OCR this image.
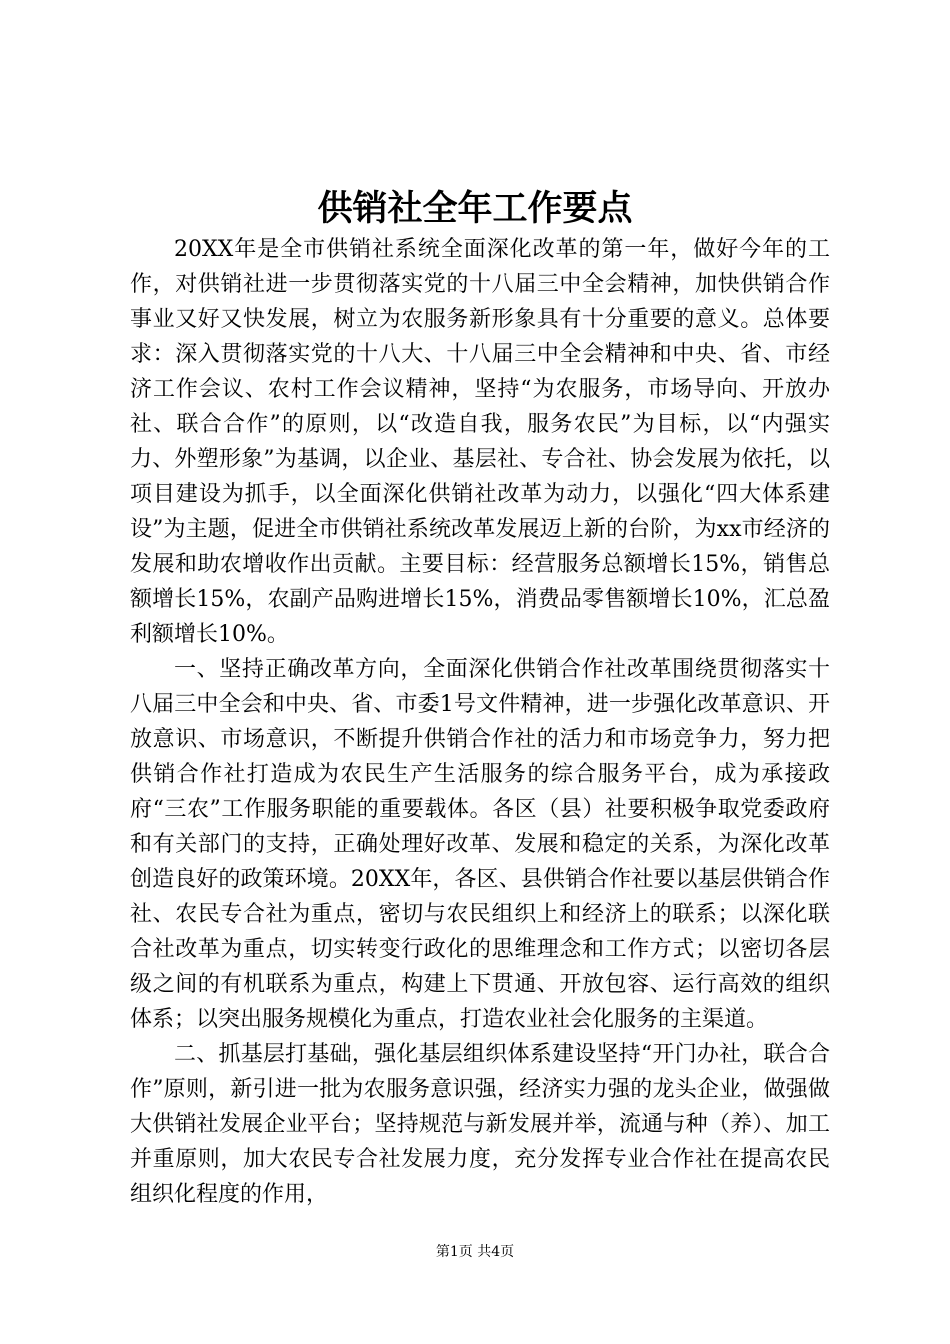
供销社全年工作要点

20XX年是全市供销社系统全面深化改革的第一年，做好今年的工作，对供销社进一步贯彻落实党的十八届三中全会精神，加快供销合作事业又好又快发展，树立为农服务新形象具有十分重要的意义。总体要求：深入贯彻落实党的十八大、十八届三中全会精神和中央、省、市经济工作会议、农村工作会议精神，坚持“为农服务，市场导向、开放办社、联合合作”的原则，以“改造自我，服务农民”为目标，以“内强实力、外塑形象”为基调，以企业、基层社、专合社、协会发展为依托，以项目建设为抓手，以全面深化供销社改革为动力，以强化“四大体系建设”为主题，促进全市供销社系统改革发展迈上新的台阶，为xx市经济的发展和助农增收作出贡献。主要目标：经营服务总额增长15%，销售总额增长15%，农副产品购进增长15%，消费品零售额增长10%，汇总盈利额增长10%。

一、坚持正确改革方向，全面深化供销合作社改革围绕贯彻落实十八届三中全会和中央、省、市委1号文件精神，进一步强化改革意识、开放意识、市场意识，不断提升供销合作社的活力和市场竞争力，努力把供销合作社打造成为农民生产生活服务的综合服务平台，成为承接政府“三农”工作服务职能的重要载体。各区（县）社要积极争取党委政府和有关部门的支持，正确处理好改革、发展和稳定的关系，为深化改革创造良好的政策环境。20XX年，各区、县供销合作社要以基层供销合作社、农民专合社为重点，密切与农民组织上和经济上的联系；以深化联合社改革为重点，切实转变行政化的思维理念和工作方式；以密切各层级之间的有机联系为重点，构建上下贯通、开放包容、运行高效的组织体系；以突出服务规模化为重点，打造农业社会化服务的主渠道。

二、抓基层打基础，强化基层组织体系建设坚持“开门办社，联合合作”原则，新引进一批为农服务意识强，经济实力强的龙头企业，做强做大供销社发展企业平台；坚持规范与新发展并举，流通与种（养）、加工并重原则，加大农民专合社发展力度，充分发挥专业合作社在提高农民组织化程度的作用，

第1页 共4页
